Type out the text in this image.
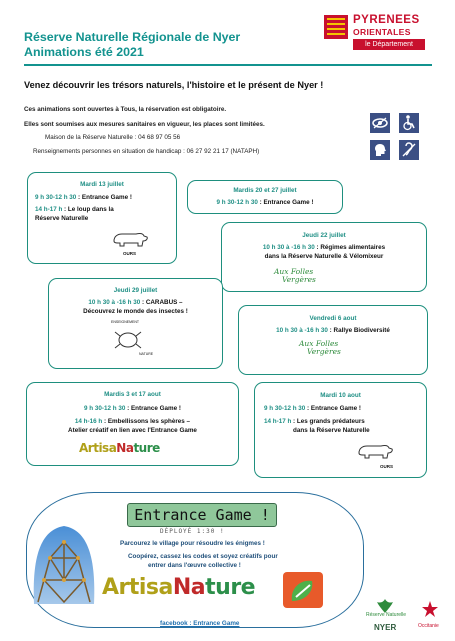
Réserve Naturelle Régionale de Nyer
Animations été 2021
PYRENEES
ORIENTALES
le Département
Venez découvrir les trésors naturels, l'histoire et le présent de Nyer !
Ces animations sont ouvertes à Tous, la réservation est obligatoire.
Elles sont soumises aux mesures sanitaires en vigueur, les places sont limitées.
Maison de la Réserve Naturelle : 04 68 97 05 56
Renseignements personnes en situation de handicap : 06 27 92 21 17 (NATAPH)
Mardi 13 juillet
9 h 30-12 h 30 : Entrance Game !
14 h-17 h : Le loup dans la
Réserve Naturelle
OURS
Mardis 20 et 27 juillet
9 h 30-12 h 30 : Entrance Game !
Jeudi 22 juillet
10 h 30 à -16 h 30 : Régimes alimentaires
dans la Réserve Naturelle & Vélomixeur
Aux Folles
Vergères
Jeudi 29 juillet
10 h 30 à -16 h 30 : CARABUS –
Découvrez le monde des insectes !
ENSEIGNEMENT
NATURE
Vendredi 6 aout
10 h 30 à -16 h 30 : Rallye Biodiversité
Aux Folles
Vergères
Mardis 3 et 17 aout
9 h 30-12 h 30 : Entrance Game !
14 h-16 h : Embellissons les sphères –
Atelier créatif en lien avec l'Entrance Game
ArtisaNature
Mardi 10 aout
9 h 30-12 h 30 : Entrance Game !
14 h-17 h : Les grands prédateurs
dans la Réserve Naturelle
OURS
Entrance Game !
DÉPLOYÉ 1:30 !
Parcourez le village pour résoudre les énigmes !
Coopérez, cassez les codes et soyez créatifs pour
entrer dans l'œuvre collective !
ArtisaNature
facebook : Entrance Game
Réserve Naturelle
NYER	Occitanie
